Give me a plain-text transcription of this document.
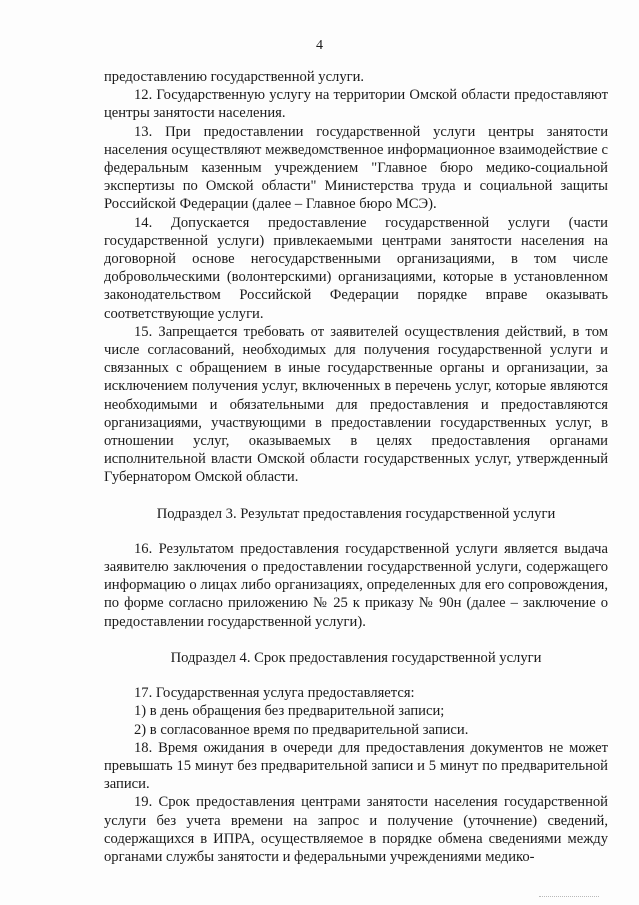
4

предоставлению государственной услуги.

12. Государственную услугу на территории Омской области предоставляют центры занятости населения.

13. При предоставлении государственной услуги центры занятости населения осуществляют межведомственное информационное взаимодействие с федеральным казенным учреждением "Главное бюро медико-социальной экспертизы по Омской области" Министерства труда и социальной защиты Российской Федерации (далее – Главное бюро МСЭ).

14. Допускается предоставление государственной услуги (части государственной услуги) привлекаемыми центрами занятости населения на договорной основе негосударственными организациями, в том числе добровольческими (волонтерскими) организациями, которые в установленном законодательством Российской Федерации порядке вправе оказывать соответствующие услуги.

15. Запрещается требовать от заявителей осуществления действий, в том числе согласований, необходимых для получения государственной услуги и связанных с обращением в иные государственные органы и организации, за исключением получения услуг, включенных в перечень услуг, которые являются необходимыми и обязательными для предоставления и предоставляются организациями, участвующими в предоставлении государственных услуг, в отношении услуг, оказываемых в целях предоставления органами исполнительной власти Омской области государственных услуг, утвержденный Губернатором Омской области.

Подраздел 3. Результат предоставления государственной услуги

16. Результатом предоставления государственной услуги является выдача заявителю заключения о предоставлении государственной услуги, содержащего информацию о лицах либо организациях, определенных для его сопровождения, по форме согласно приложению № 25 к приказу № 90н (далее – заключение о предоставлении государственной услуги).

Подраздел 4. Срок предоставления государственной услуги

17. Государственная услуга предоставляется:

1) в день обращения без предварительной записи;

2) в согласованное время по предварительной записи.

18. Время ожидания в очереди для предоставления документов не может превышать 15 минут без предварительной записи и 5 минут по предварительной записи.

19. Срок предоставления центрами занятости населения государственной услуги без учета времени на запрос и получение (уточнение) сведений, содержащихся в ИПРА, осуществляемое в порядке обмена сведениями между органами службы занятости и федеральными учреждениями медико-
